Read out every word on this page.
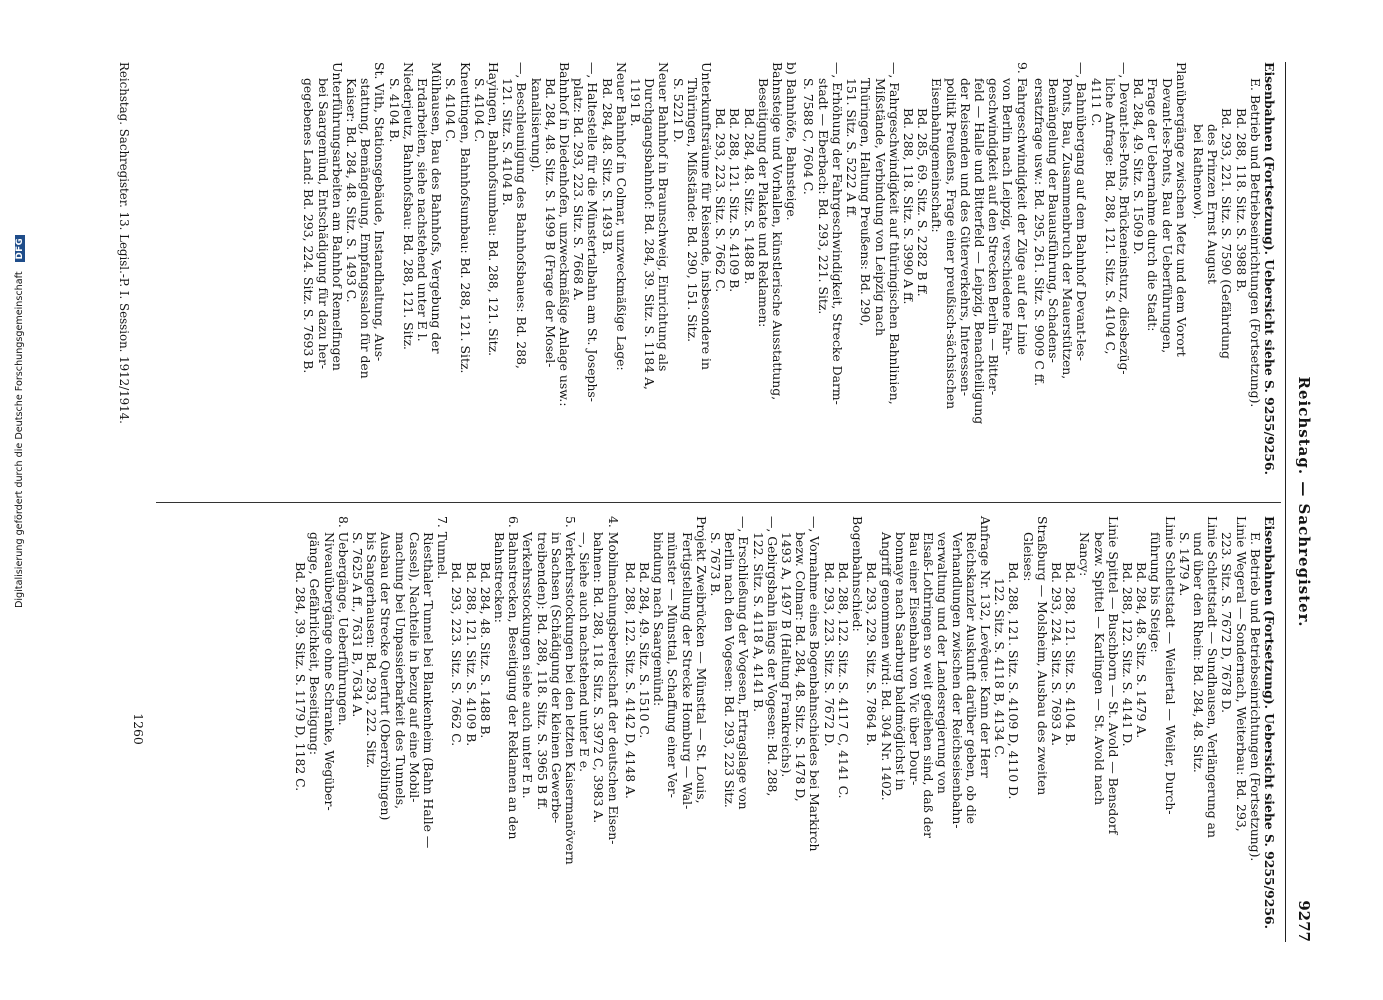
Reichstag. — Sachregister.
9277

Eisenbahnen (Fortsetzung). Uebersicht siehe S. 9255/9256.

E. Betrieb und Betriebseinrichtungen (Fortsetzung).

Bd. 288, 118. Sitz. S. 3988 B.

Bd. 293, 221. Sitz. S. 7590 (Gefährdung

des Prinzen Ernst August

bei Rathenow).

Planübergänge zwischen Metz und dem Vorort

Devant-les-Ponts, Bau der Ueberführungen,

Frage der Uebernahme durch die Stadt:

Bd. 284, 49. Sitz. S. 1509 D.

—, Devant-les-Ponts, Brückeneinsturz, diesbezüg-

liche Anfrage: Bd. 288, 121. Sitz. S. 4104 C,

4111 C.

—, Bahnübergang auf dem Bahnhof Devant-les-

Ponts, Bau, Zusammenbruch der Mauerstützen,

Bemängelung der Bauausführung, Schadens-

ersatzfrage usw.: Bd. 295, 261. Sitz. S. 9009 C ff.

9. Fahrgeschwindigkeit der Züge auf der Linie

von Berlin nach Leipzig, verschiedene Fahr-

geschwindigkeit auf den Strecken Berlin — Bitter-

feld — Halle und Bitterfeld — Leipzig, Benachteiligung

der Reisenden und des Güterverkehrs, Interessen-

politik Preußens, Frage einer preußisch-sächsischen

Eisenbahngemeinschaft:

Bd. 285, 69. Sitz. S. 2282 B ff.

Bd. 288, 118. Sitz. S. 3990 A ff.

—, Fahrgeschwindigkeit auf thüringischen Bahnlinien,

Mißstände, Verbindung von Leipzig nach

Thüringen, Haltung Preußens: Bd. 290,

151. Sitz. S. 5222 A ff.

—, Erhöhung der Fahrgeschwindigkeit, Strecke Darm-

stadt — Eberbach: Bd. 293, 221. Sitz.

S. 7588 C, 7604 C.

b) Bahnhöfe, Bahnsteige.

Bahnsteige und Vorhallen, künstlerische Ausstattung,

Beseitigung der Plakate und Reklamen:

Bd. 284, 48. Sitz. S. 1488 B.

Bd. 288, 121. Sitz. S. 4109 B.

Bd. 293, 223. Sitz. S. 7662 C.

Unterkunftsräume für Reisende, insbesondere in

Thüringen, Mißstände: Bd. 290, 151. Sitz.

S. 5221 D.

Neuer Bahnhof in Braunschweig, Einrichtung als

Durchgangsbahnhof: Bd. 284, 39. Sitz. S. 1184 A,

1191 B.

Neuer Bahnhof in Colmar, unzweckmäßige Lage:

Bd. 284, 48. Sitz. S. 1493 B.

—, Haltestelle für die Münstertalbahn am St. Josephs-

platz: Bd. 293, 223. Sitz. S. 7668 A.

Bahnhof in Diedenhofen, unzweckmäßige Anlage usw.:

Bd. 284, 48. Sitz. S. 1499 B (Frage der Mosel-

kanalisierung).

—, Beschleunigung des Bahnhofsbaues: Bd. 288,

121. Sitz. S. 4104 B.

Hayingen, Bahnhofsumbau: Bd. 288, 121. Sitz.

S. 4104 C.

Kneuttingen, Bahnhofsumbau: Bd. 288, 121. Sitz.

S. 4104 C.

Mülhausen, Bau des Bahnhofs, Vergebung der

Erdarbeiten, siehe nachstehend unter E l.

Niederjeutz, Bahnhofsbau: Bd. 288, 121. Sitz.

S. 4104 B.

St. Vith, Stationsgebäude, Instandhaltung, Aus-

stattung, Bemängelung, Empfangssalon für den

Kaiser: Bd. 284, 48. Sitz. S. 1493 C.

Unterführungsarbeiten am Bahnhof Remelfingen

bei Saargemünd, Entschädigung für dazu her-

gegebenes Land: Bd. 293, 224. Sitz. S. 7693 B.

Eisenbahnen (Fortsetzung). Uebersicht siehe S. 9255/9256.

E. Betrieb und Betriebseinrichtungen (Fortsetzung).

Linie Wegeral — Sondernach, Weiterbau: Bd. 293,

223. Sitz. S. 7672 D, 7678 D.

Linie Schlettstadt — Sundhausen, Verlängerung an

und über den Rhein: Bd. 284, 48. Sitz.

S. 1479 A.

Linie Schlettstadt — Weilertal — Weiler, Durch-

führung bis Steige:

Bd. 284, 48. Sitz. S. 1479 A.

Bd. 288, 122. Sitz. S. 4141 D.

Linie Spittel — Buschborn — St. Avold — Bensdorf

bezw. Spittel — Karlingen — St. Avold nach

Nancy:

Bd. 288, 121. Sitz. S. 4104 B.

Bd. 293, 224. Sitz. S. 7693 A.

Straßburg — Molsheim, Ausbau des zweiten

Gleises:

Bd. 288, 121. Sitz. S. 4109 D, 4110 D.

122. Sitz. S. 4118 B, 4134 C.

Anfrage Nr. 132, Levêque: Kann der Herr

Reichskanzler Auskunft darüber geben, ob die

Verhandlungen zwischen der Reichseisenbahn-

verwaltung und der Landesregierung von

Elsaß-Lothringen so weit gediehen sind, daß der

Bau einer Eisenbahn von Vic über Dour-

bonnaye nach Saarburg baldmöglichst in

Angriff genommen wird: Bd. 304 Nr. 1402.

Bd. 293, 229. Sitz. S. 7864 B.

Bogenbahnschied:

Bd. 288, 122. Sitz. S. 4117 C, 4141 C.

Bd. 293, 223. Sitz. S. 7672 D.

—, Vornahme eines Bogenbahnschiedes bei Markirch

bezw. Colmar: Bd. 284, 48. Sitz. S. 1478 D,

1493 A, 1497 B (Haltung Frankreichs).

—, Gebirgsbahn längs der Vogesen: Bd. 288,

122. Sitz. S. 4118 A, 4141 B.

—, Erschließung der Vogesen, Ertragslage von

Berlin nach den Vogesen: Bd. 293, 223 Sitz.

S. 7673 B.

Projekt Zweibrücken — Münsttal — St. Louis,

Fertigstellung der Strecke Homburg — Wal-

münster — Münsttal, Schaffung einer Ver-

bindung nach Saargemünd:

Bd. 284, 49. Sitz. S. 1510 C.

Bd. 288, 122. Sitz. S. 4142 D, 4148 A.

4. Mobilmachungsbereitschaft der deutschen Eisen-

bahnen: Bd. 288, 118. Sitz. S. 3972 C, 3983 A.

—, Siehe auch nachstehend unter E e.

5. Verkehrsstockungen bei den letzten Kaisermanövern

in Sachsen (Schädigung der kleinen Gewerbe-

treibenden): Bd. 288, 118. Sitz. S. 3965 B ff.

Verkehrsstockungen siehe auch unter E n.

6. Bahnstrecken, Beseitigung der Reklamen an den

Bahnstrecken:

Bd. 284, 48. Sitz. S. 1488 B.

Bd. 288, 121. Sitz. S. 4109 B.

Bd. 293, 223. Sitz. S. 7662 C.

7. Tunnel.

Riesthaler Tunnel bei Blankenheim (Bahn Halle —

Cassel), Nachteile in bezug auf eine Mobil-

machung bei Unpassierbarkeit des Tunnels,

Ausbau der Strecke Querfurt (Oberröblingen)

bis Sangerhausen: Bd. 293, 222. Sitz.

S. 7625 A ff., 7631 B, 7634 A.

8. Uebergänge, Ueberführungen.

Niveauübergänge ohne Schranke, Wegüber-

gänge, Gefährlichkeit, Beseitigung:

Bd. 284, 39. Sitz. S. 1179 D, 1182 C.

1260
Reichstag. Sachregister. 13. Legisl.-P. I. Session. 1912/1914.
Digitalisierung gefördert durch die Deutsche Forschungsgemeinschaft DFG
